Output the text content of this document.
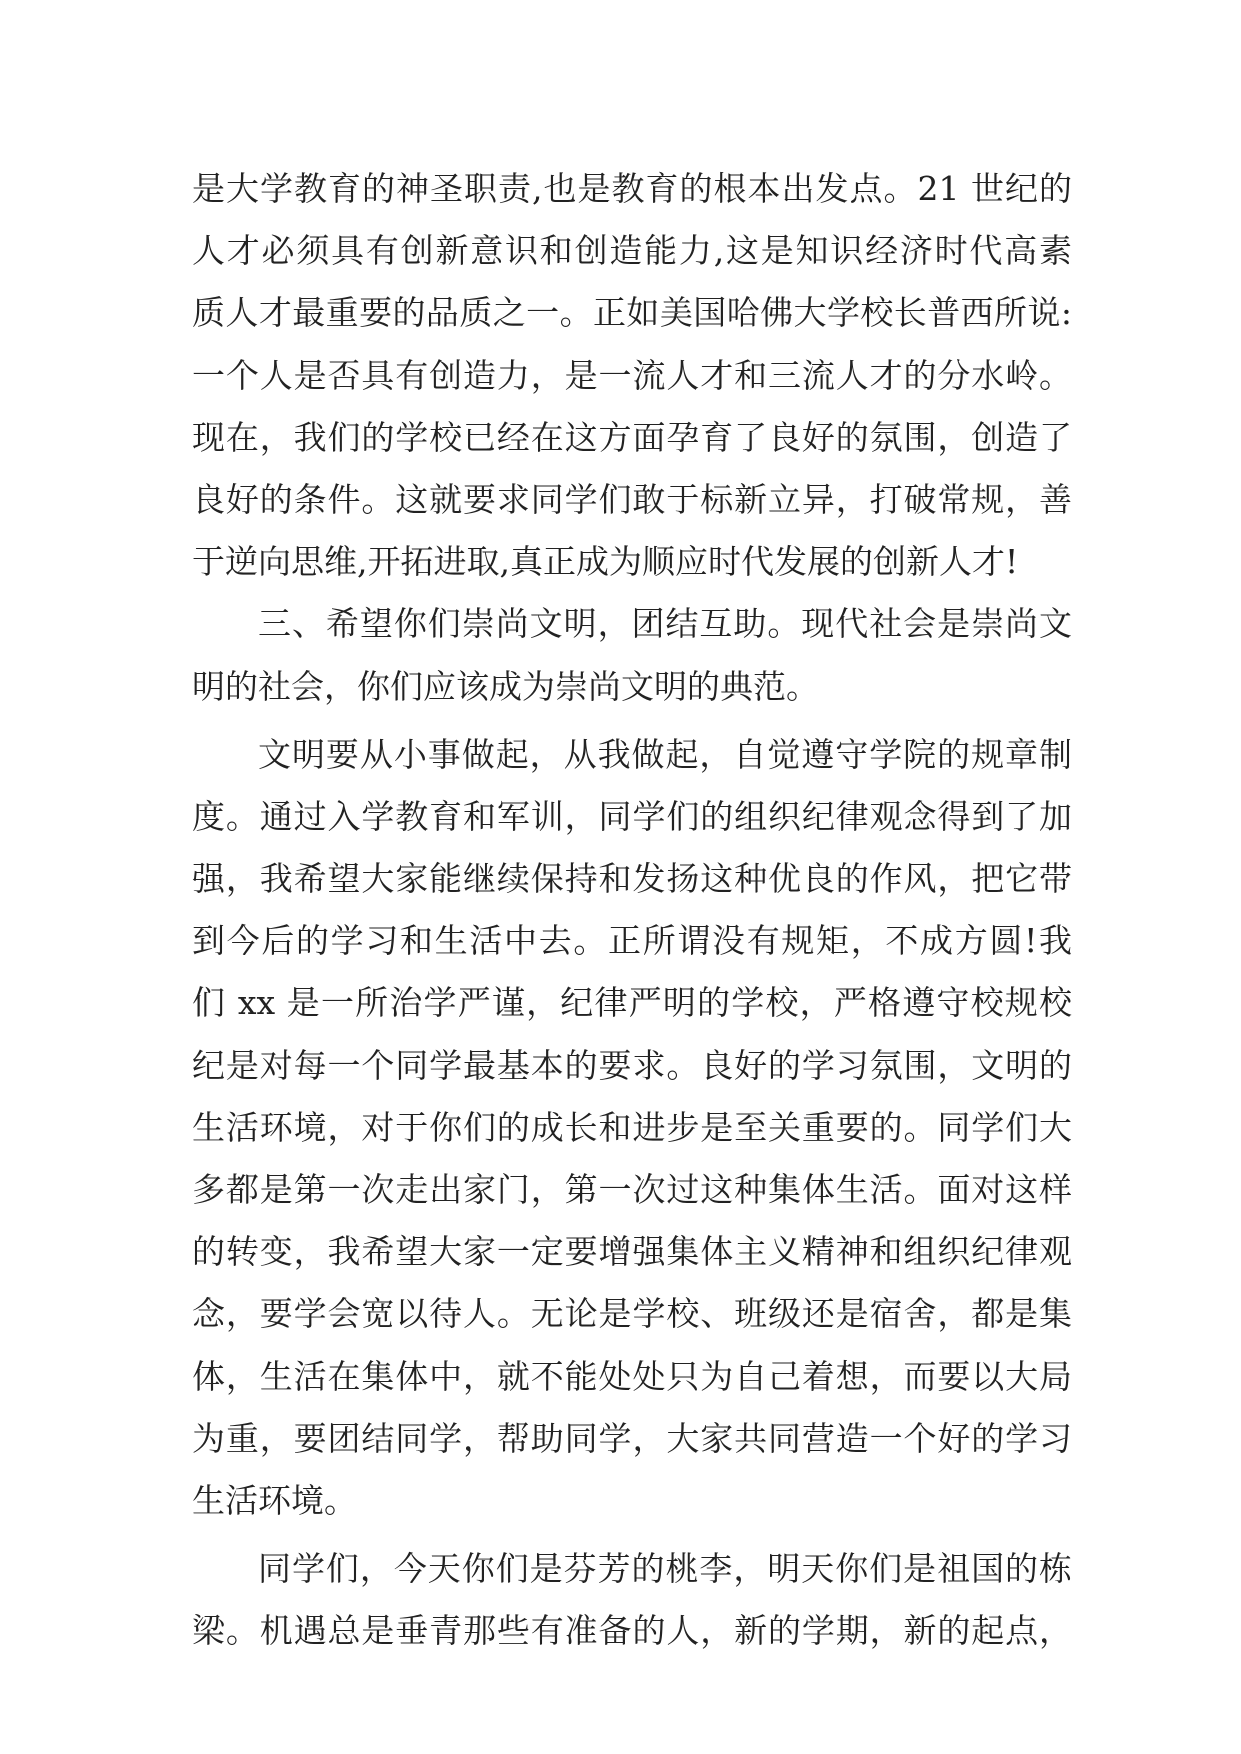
是大学教育的神圣职责,也是教育的根本出发点。21 世纪的
人才必须具有创新意识和创造能力,这是知识经济时代高素
质人才最重要的品质之一。正如美国哈佛大学校长普西所说:
一个人是否具有创造力，是一流人才和三流人才的分水岭。
现在，我们的学校已经在这方面孕育了良好的氛围，创造了
良好的条件。这就要求同学们敢于标新立异，打破常规，善
于逆向思维,开拓进取,真正成为顺应时代发展的创新人才!
三、希望你们崇尚文明，团结互助。现代社会是崇尚文
明的社会，你们应该成为崇尚文明的典范。
文明要从小事做起，从我做起，自觉遵守学院的规章制
度。通过入学教育和军训，同学们的组织纪律观念得到了加
强，我希望大家能继续保持和发扬这种优良的作风，把它带
到今后的学习和生活中去。正所谓没有规矩，不成方圆!我
们 xx 是一所治学严谨，纪律严明的学校，严格遵守校规校
纪是对每一个同学最基本的要求。良好的学习氛围，文明的
生活环境，对于你们的成长和进步是至关重要的。同学们大
多都是第一次走出家门，第一次过这种集体生活。面对这样
的转变，我希望大家一定要增强集体主义精神和组织纪律观
念，要学会宽以待人。无论是学校、班级还是宿舍，都是集
体，生活在集体中，就不能处处只为自己着想，而要以大局
为重，要团结同学，帮助同学，大家共同营造一个好的学习
生活环境。
同学们，今天你们是芬芳的桃李，明天你们是祖国的栋
梁。机遇总是垂青那些有准备的人，新的学期，新的起点，
